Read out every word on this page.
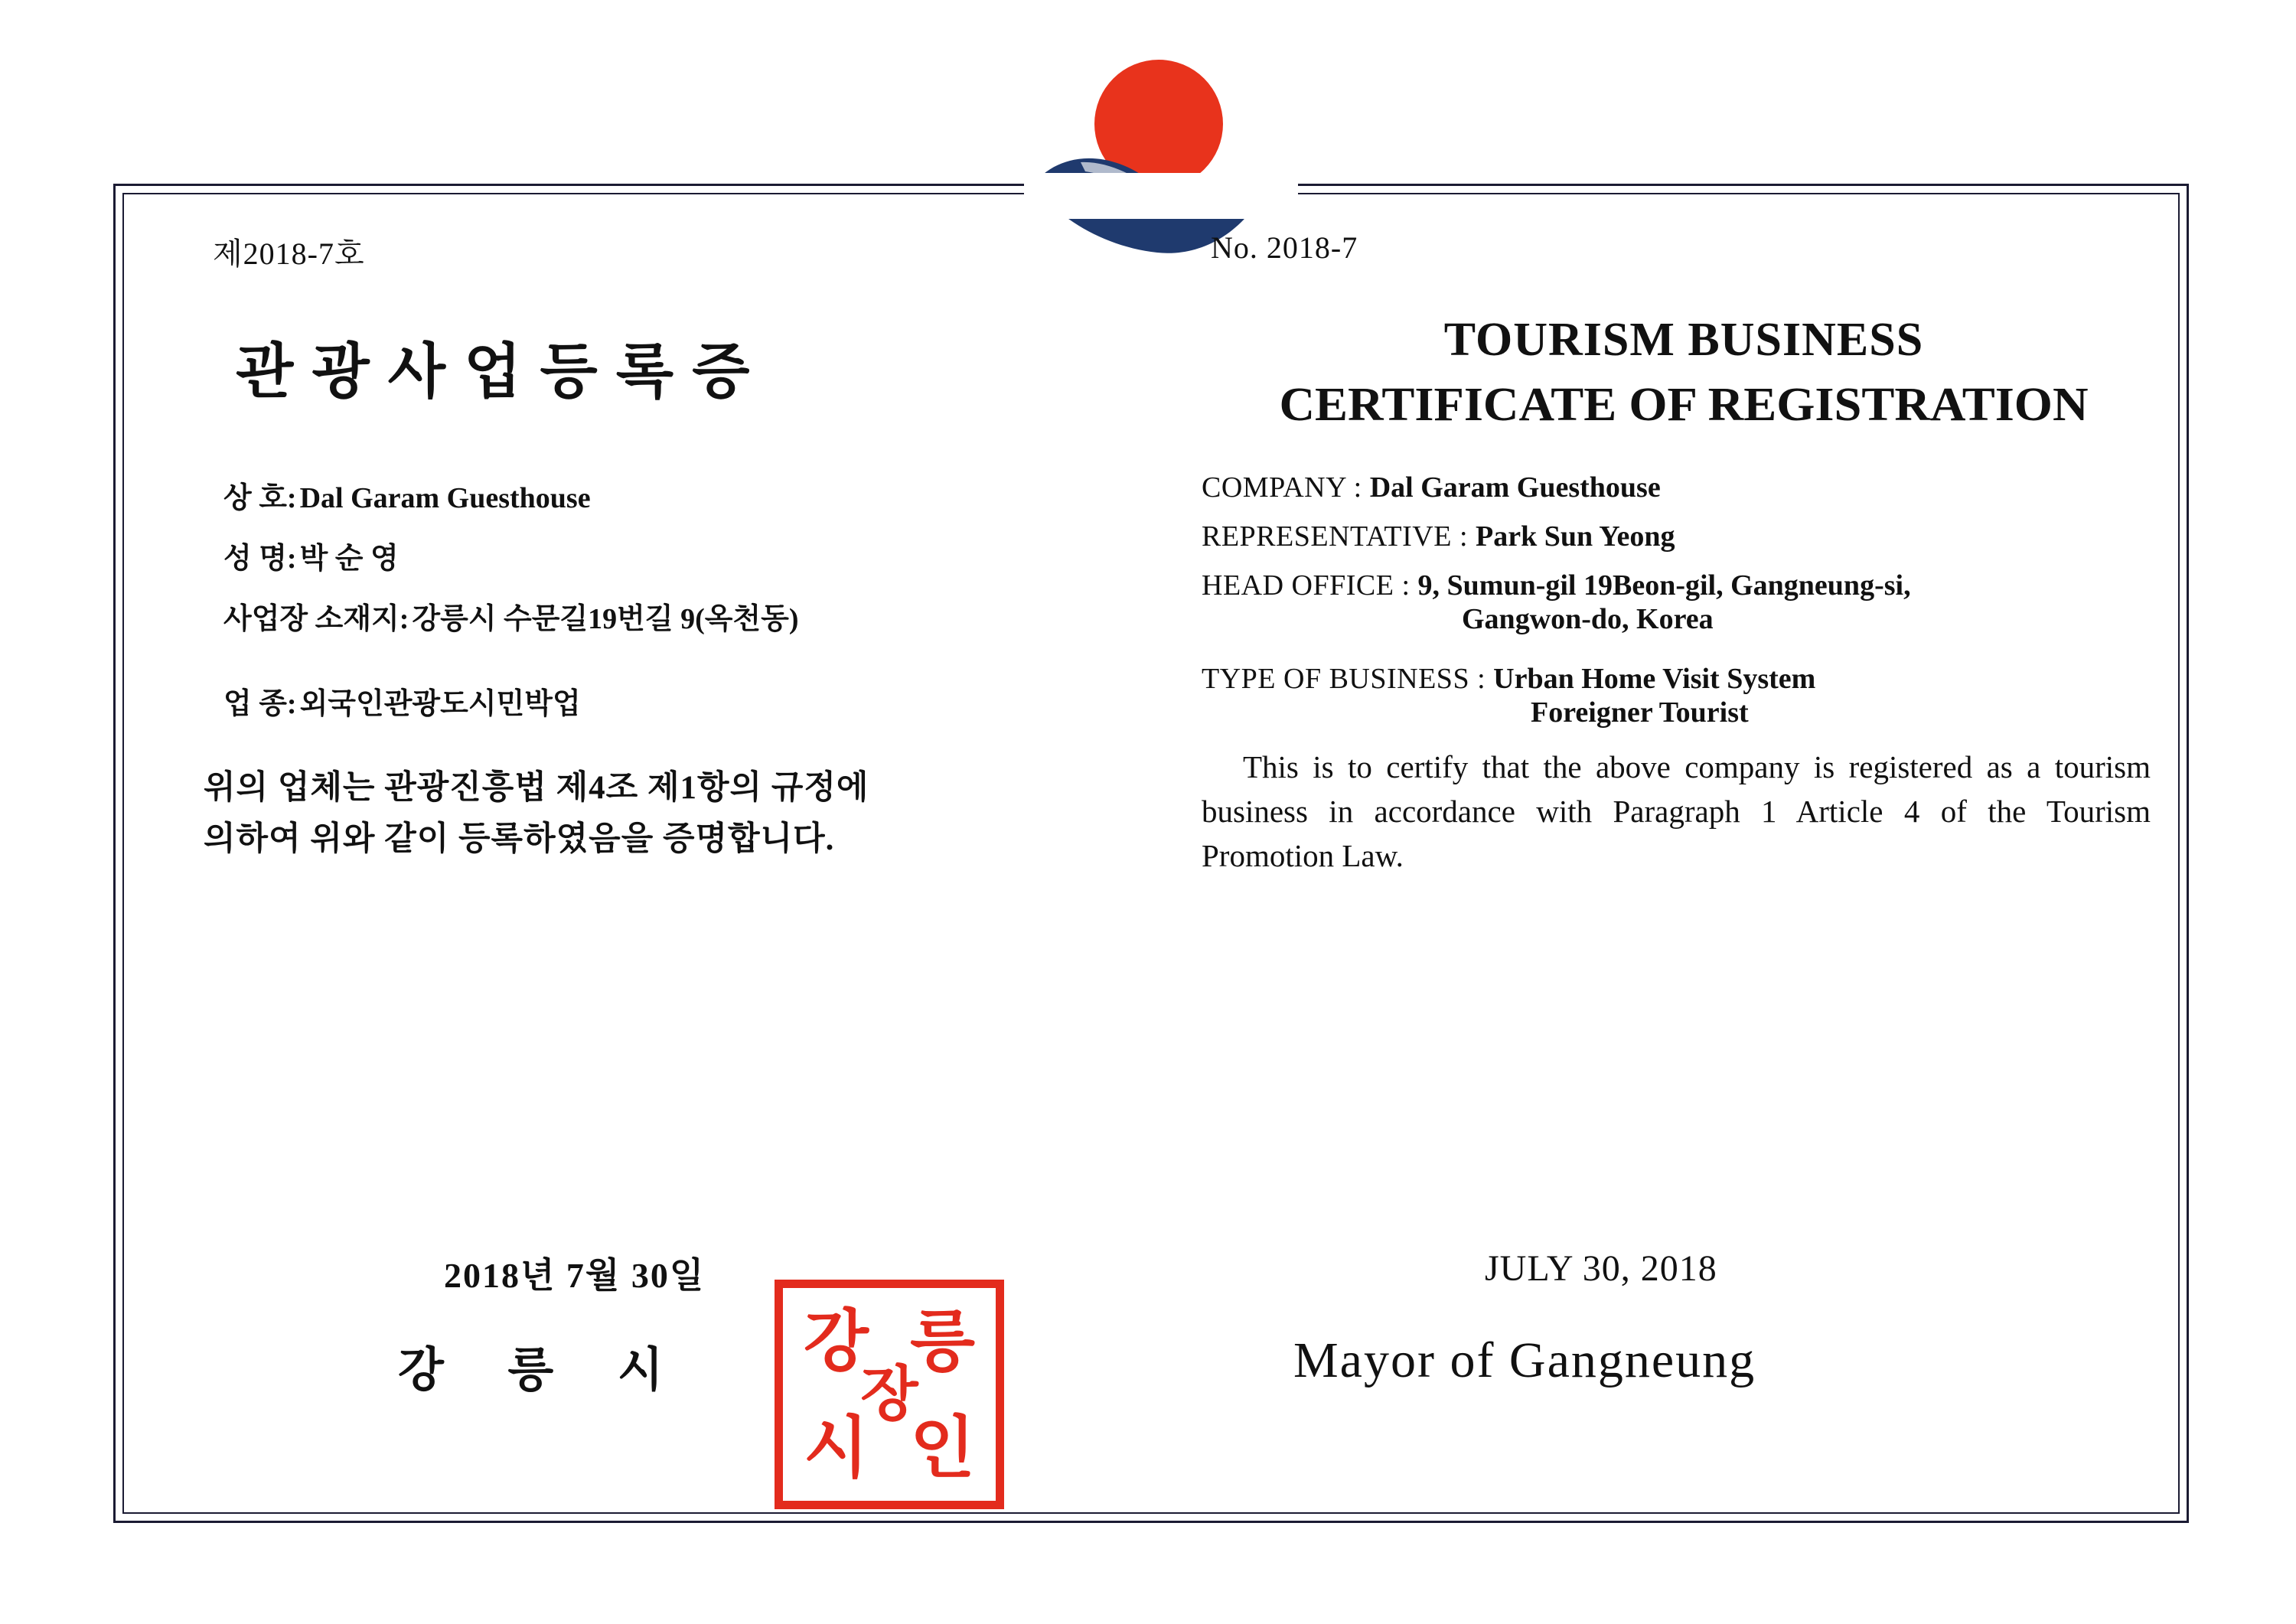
제2018-7호
관광사업등록증
상 호 : Dal Garam Guesthouse
성 명 : 박 순 영
사업장 소재지 : 강릉시 수문길19번길 9(옥천동)
업 종 : 외국인관광도시민박업
위의 업체는 관광진흥법 제4조 제1항의 규정에
의하여 위와 같이 등록하였음을 증명합니다.
No. 2018-7
TOURISM BUSINESS
CERTIFICATE OF REGISTRATION
COMPANY : Dal Garam Guesthouse
REPRESENTATIVE : Park Sun Yeong
HEAD OFFICE : 9, Sumun-gil 19Beon-gil, Gangneung-si,
Gangwon-do, Korea
TYPE OF BUSINESS : Urban Home Visit System
Foreigner Tourist
This is to certify that the above company is registered as a tourism business in accordance with Paragraph 1 Article 4 of the Tourism Promotion Law.
2018년 7월 30일
강 릉 시
JULY 30, 2018
Mayor of Gangneung
강 릉
시 인
장
